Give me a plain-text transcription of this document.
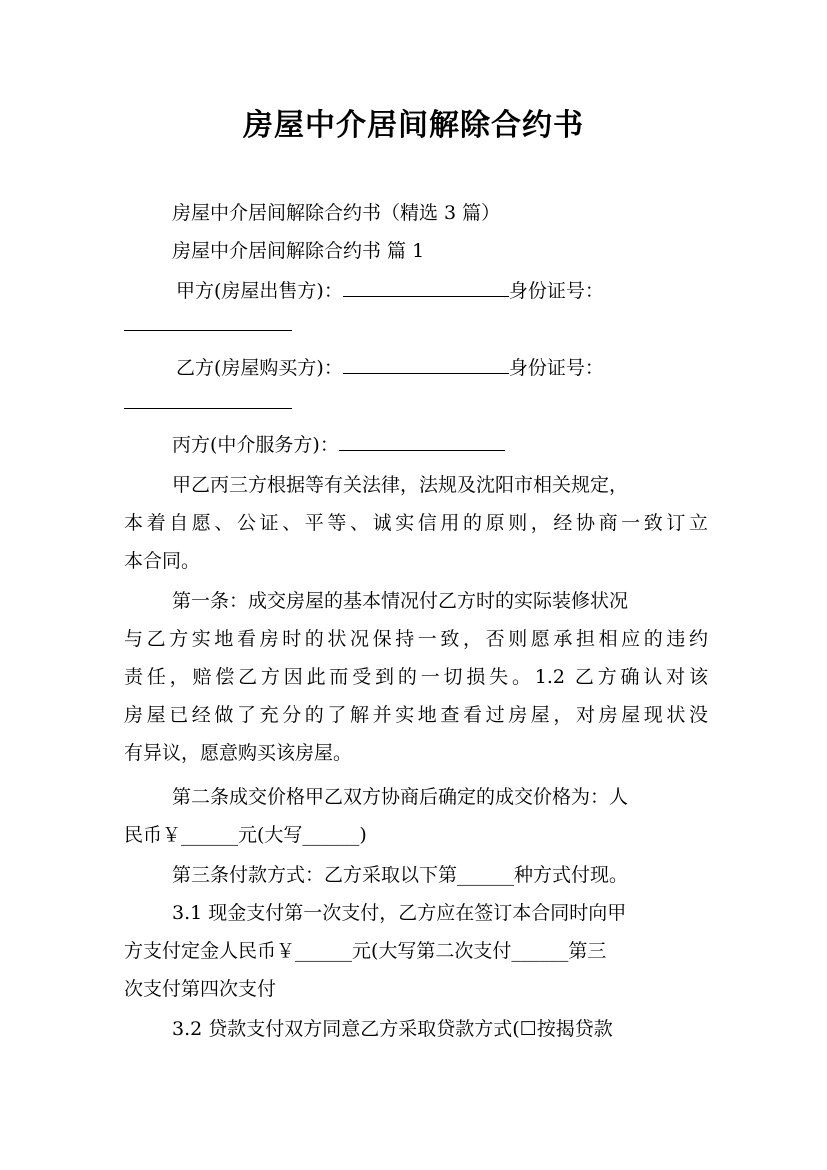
房屋中介居间解除合约书
房屋中介居间解除合约书（精选 3 篇）
房屋中介居间解除合约书 篇 1
甲方(房屋出售方)：	身份证号：
乙方(房屋购买方)：	身份证号：
丙方(中介服务方)：
甲乙丙三方根据等有关法律，法规及沈阳市相关规定，
本着自愿、公证、平等、诚实信用的原则，经协商一致订立
本合同。
第一条：成交房屋的基本情况付乙方时的实际装修状况
与乙方实地看房时的状况保持一致，否则愿承担相应的违约
责任，赔偿乙方因此而受到的一切损失。1.2 乙方确认对该
房屋已经做了充分的了解并实地查看过房屋，对房屋现状没
有异议，愿意购买该房屋。
第二条成交价格甲乙双方协商后确定的成交价格为：人
民币￥______元(大写______)
第三条付款方式：乙方采取以下第______种方式付现。
3.1 现金支付第一次支付，乙方应在签订本合同时向甲
方支付定金人民币￥______元(大写第二次支付______第三
次支付第四次支付
3.2 贷款支付双方同意乙方采取贷款方式(☐按揭贷款
